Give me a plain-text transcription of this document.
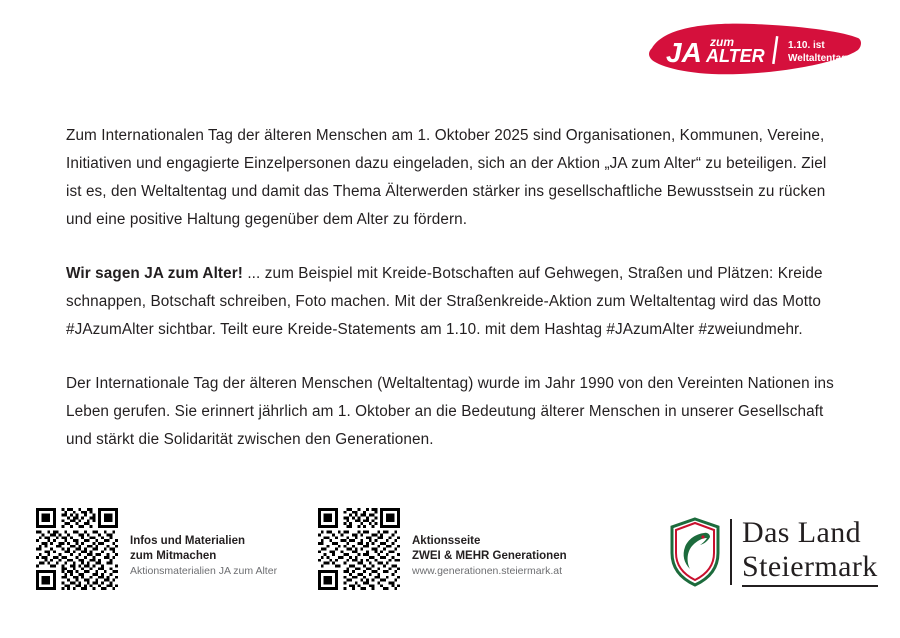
JA zum
ALTER
1.10. ist
Weltaltentag

Zum Internationalen Tag der älteren Menschen am 1. Oktober 2025 sind Organisationen, Kommunen, Vereine, Initiativen und engagierte Einzelpersonen dazu eingeladen, sich an der Aktion „JA zum Alter“ zu beteiligen. Ziel ist es, den Weltaltentag und damit das Thema Älterwerden stärker ins gesellschaftliche Bewusstsein zu rücken und eine positive Haltung gegenüber dem Alter zu fördern.

Wir sagen JA zum Alter! ... zum Beispiel mit Kreide-Botschaften auf Gehwegen, Straßen und Plätzen: Kreide schnappen, Botschaft schreiben, Foto machen. Mit der Straßenkreide-Aktion zum Weltaltentag wird das Motto #JAzumAlter sichtbar. Teilt eure Kreide-Statements am 1.10. mit dem Hashtag #JAzumAlter #zweiundmehr.

Der Internationale Tag der älteren Menschen (Weltaltentag) wurde im Jahr 1990 von den Vereinten Nationen ins Leben gerufen. Sie erinnert jährlich am 1. Oktober an die Bedeutung älterer Menschen in unserer Gesellschaft und stärkt die Solidarität zwischen den Generationen.

Infos und Materialien
zum Mitmachen
Aktionsmaterialien JA zum Alter
Aktionsseite
ZWEI & MEHR Generationen
www.generationen.steiermark.at
Das Land
Steiermark
